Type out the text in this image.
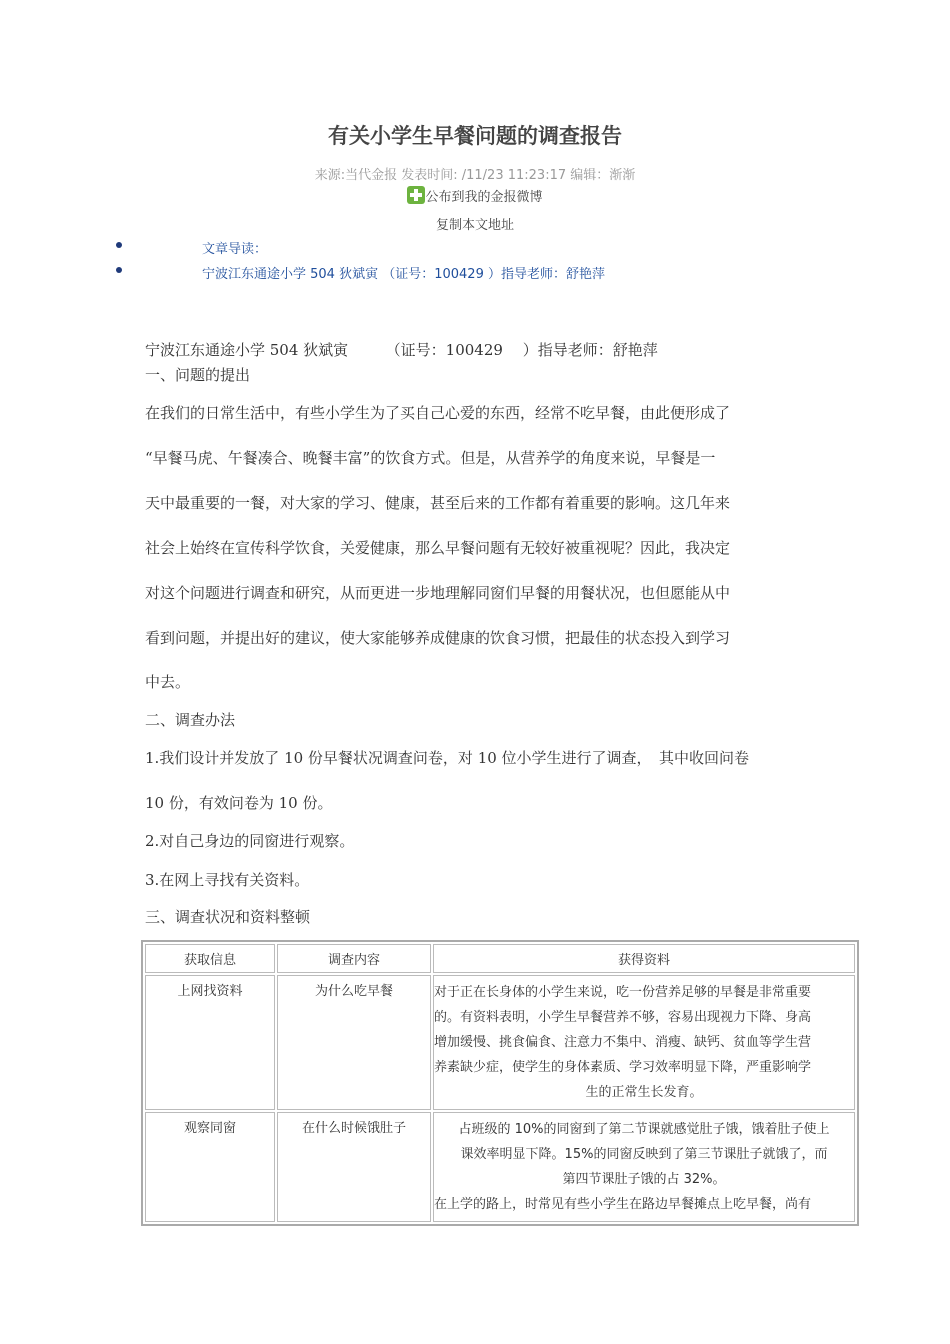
有关小学生早餐问题的调查报告
来源:当代金报 发表时间: /11/23 11:23:17 编辑：渐渐
公布到我的金报微博
复制本文地址
文章导读：
宁波江东通途小学 504 狄斌寅 （证号：100429 ）指导老师：舒艳萍
宁波江东通途小学 504 狄斌寅　　　（证号：100429　 ）指导老师：舒艳萍
一、问题的提出
在我们的日常生活中，有些小学生为了买自己心爱的东西，经常不吃早餐，由此便形成了
“早餐马虎、午餐凑合、晚餐丰富”的饮食方式。但是，从营养学的角度来说，早餐是一
天中最重要的一餐，对大家的学习、健康，甚至后来的工作都有着重要的影响。这几年来
社会上始终在宣传科学饮食，关爱健康，那么早餐问题有无较好被重视呢？因此，我决定
对这个问题进行调查和研究，从而更进一步地理解同窗们早餐的用餐状况，也但愿能从中
看到问题，并提出好的建议，使大家能够养成健康的饮食习惯，把最佳的状态投入到学习
中去。
二、调查办法
1.我们设计并发放了 10 份早餐状况调查问卷，对 10 位小学生进行了调查，　其中收回问卷
10 份，有效问卷为 10 份。
2.对自己身边的同窗进行观察。
3.在网上寻找有关资料。
三、调查状况和资料整顿
获取信息	调查内容	获得资料
上网找资料	为什么吃早餐	对于正在长身体的小学生来说，吃一份营养足够的早餐是非常重要
的。有资料表明，小学生早餐营养不够，容易出现视力下降、身高
增加缓慢、挑食偏食、注意力不集中、消瘦、缺钙、贫血等学生营
养素缺少症，使学生的身体素质、学习效率明显下降，严重影响学
生的正常生长发育。

观察同窗	在什么时候饿肚子	占班级的 10%的同窗到了第二节课就感觉肚子饿，饿着肚子使上
课效率明显下降。15%的同窗反映到了第三节课肚子就饿了，而
第四节课肚子饿的占 32%。
在上学的路上，时常见有些小学生在路边早餐摊点上吃早餐，尚有
